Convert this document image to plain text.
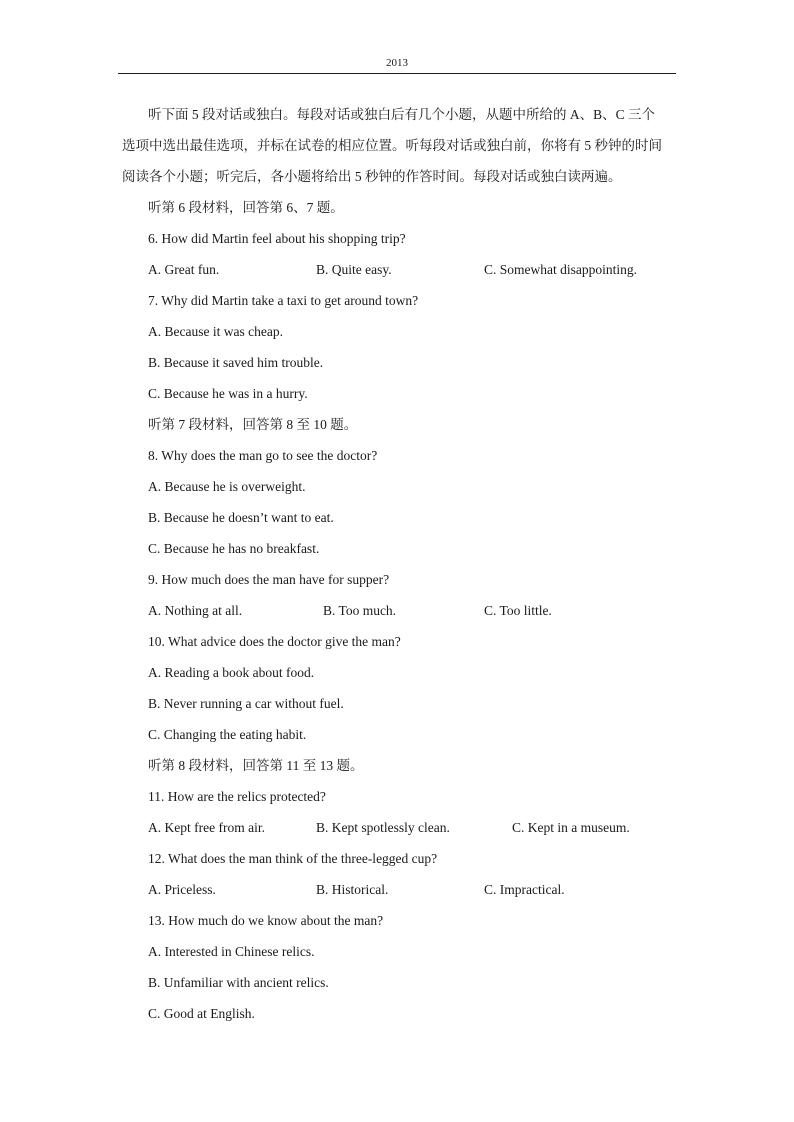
2013
听下面 5 段对话或独白。每段对话或独白后有几个小题，从题中所给的 A、B、C 三个
选项中选出最佳选项，并标在试卷的相应位置。听每段对话或独白前，你将有 5 秒钟的时间
阅读各个小题；听完后，各小题将给出 5 秒钟的作答时间。每段对话或独白读两遍。
听第 6 段材料，回答第 6、7 题。
6. How did Martin feel about his shopping trip?
A. Great fun.	B. Quite easy.	C. Somewhat disappointing.
7. Why did Martin take a taxi to get around town?
A. Because it was cheap.
B. Because it saved him trouble.
C. Because he was in a hurry.
听第 7 段材料，回答第 8 至 10 题。
8. Why does the man go to see the doctor?
A. Because he is overweight.
B. Because he doesn’t want to eat.
C. Because he has no breakfast.
9. How much does the man have for supper?
A. Nothing at all.	B. Too much.	C. Too little.
10. What advice does the doctor give the man?
A. Reading a book about food.
B. Never running a car without fuel.
C. Changing the eating habit.
听第 8 段材料，回答第 11 至 13 题。
11. How are the relics protected?
A. Kept free from air.	B. Kept spotlessly clean.	C. Kept in a museum.
12. What does the man think of the three-legged cup?
A. Priceless.	B. Historical.	C. Impractical.
13. How much do we know about the man?
A. Interested in Chinese relics.
B. Unfamiliar with ancient relics.
C. Good at English.
